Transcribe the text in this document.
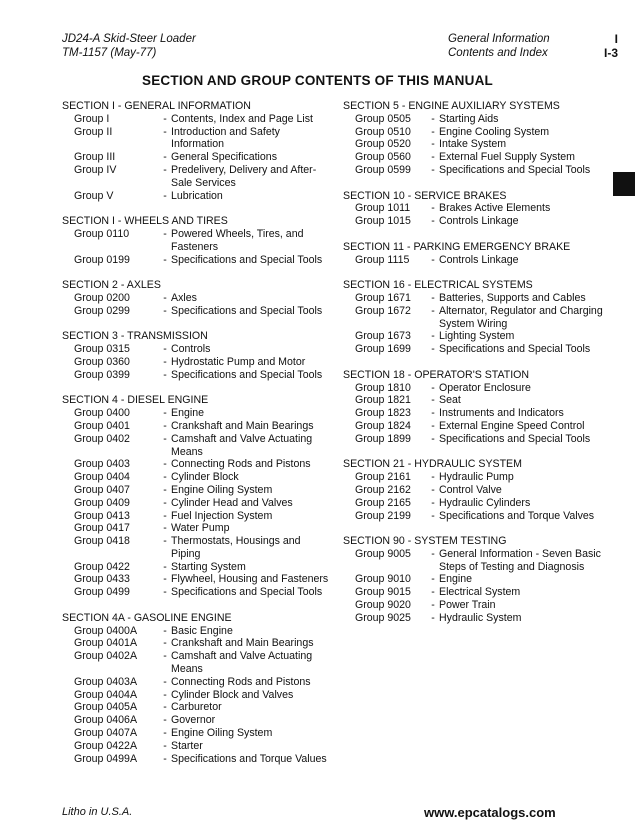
JD24-A Skid-Steer Loader
TM-1157 (May-77)
General Information
Contents and Index
I
I-3
SECTION AND GROUP CONTENTS OF THIS MANUAL
SECTION I - GENERAL INFORMATION
Group I	- Contents, Index and Page List
Group II	- Introduction and Safety Information
Group III	- General Specifications
Group IV	- Predelivery, Delivery and After-Sale Services
Group V	- Lubrication
SECTION I - WHEELS AND TIRES
Group 0110	- Powered Wheels, Tires, and Fasteners
Group 0199	- Specifications and Special Tools
SECTION 2 - AXLES
Group 0200	- Axles
Group 0299	- Specifications and Special Tools
SECTION 3 - TRANSMISSION
Group 0315	- Controls
Group 0360	- Hydrostatic Pump and Motor
Group 0399	- Specifications and Special Tools
SECTION 4 - DIESEL ENGINE
Group 0400	- Engine
Group 0401	- Crankshaft and Main Bearings
Group 0402	- Camshaft and Valve Actuating Means
Group 0403	- Connecting Rods and Pistons
Group 0404	- Cylinder Block
Group 0407	- Engine Oiling System
Group 0409	- Cylinder Head and Valves
Group 0413	- Fuel Injection System
Group 0417	- Water Pump
Group 0418	- Thermostats, Housings and Piping
Group 0422	- Starting System
Group 0433	- Flywheel, Housing and Fasteners
Group 0499	- Specifications and Special Tools
SECTION 4A - GASOLINE ENGINE
Group 0400A	- Basic Engine
Group 0401A	- Crankshaft and Main Bearings
Group 0402A	- Camshaft and Valve Actuating Means
Group 0403A	- Connecting Rods and Pistons
Group 0404A	- Cylinder Block and Valves
Group 0405A	- Carburetor
Group 0406A	- Governor
Group 0407A	- Engine Oiling System
Group 0422A	- Starter
Group 0499A	- Specifications and Torque Values
SECTION 5 - ENGINE AUXILIARY SYSTEMS
Group 0505	- Starting Aids
Group 0510	- Engine Cooling System
Group 0520	- Intake System
Group 0560	- External Fuel Supply System
Group 0599	- Specifications and Special Tools
SECTION 10 - SERVICE BRAKES
Group 1011	- Brakes Active Elements
Group 1015	- Controls Linkage
SECTION 11 - PARKING EMERGENCY BRAKE
Group 1115	- Controls Linkage
SECTION 16 - ELECTRICAL SYSTEMS
Group 1671	- Batteries, Supports and Cables
Group 1672	- Alternator, Regulator and Charging System Wiring
Group 1673	- Lighting System
Group 1699	- Specifications and Special Tools
SECTION 18 - OPERATOR'S STATION
Group 1810	- Operator Enclosure
Group 1821	- Seat
Group 1823	- Instruments and Indicators
Group 1824	- External Engine Speed Control
Group 1899	- Specifications and Special Tools
SECTION 21 - HYDRAULIC SYSTEM
Group 2161	- Hydraulic Pump
Group 2162	- Control Valve
Group 2165	- Hydraulic Cylinders
Group 2199	- Specifications and Torque Valves
SECTION 90 - SYSTEM TESTING
Group 9005	- General Information - Seven Basic Steps of Testing and Diagnosis
Group 9010	- Engine
Group 9015	- Electrical System
Group 9020	- Power Train
Group 9025	- Hydraulic System
Litho in U.S.A.	www.epcatalogs.com
